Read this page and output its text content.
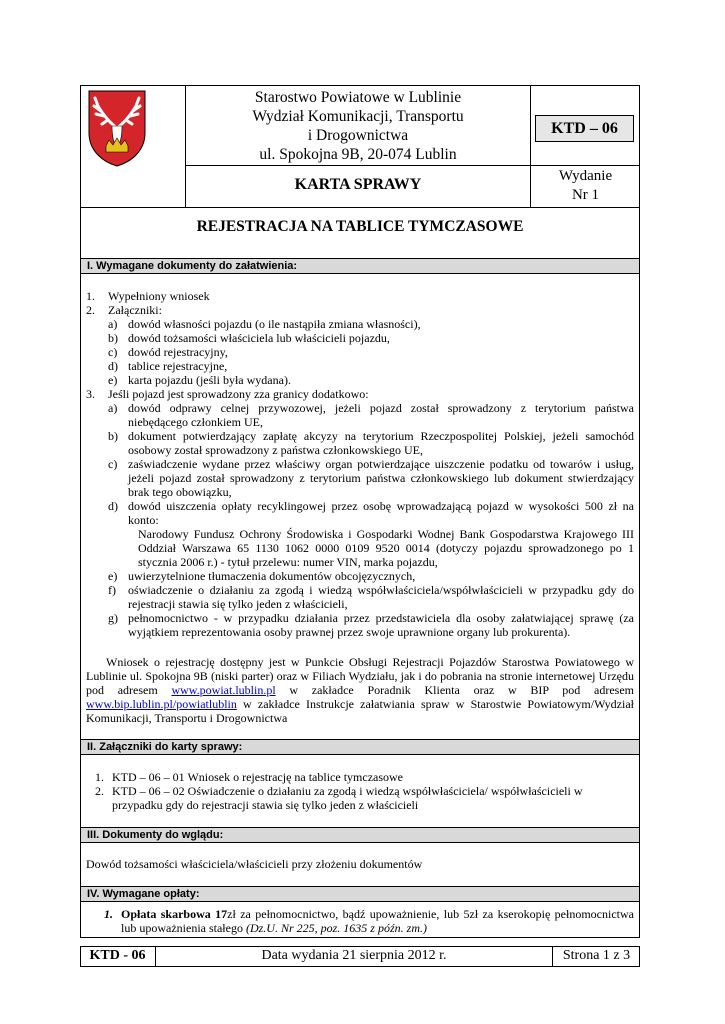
Starostwo Powiatowe w Lublinie
Wydział Komunikacji, Transportu
i Drogownictwa
ul. Spokojna 9B, 20-074 Lublin
KTD – 06
KARTA SPRAWY	Wydanie
Nr 1
REJESTRACJA NA TABLICE TYMCZASOWE
I. Wymagane dokumenty do załatwienia:
1.	Wypełniony wniosek
2.	Załączniki:
a) dowód własności pojazdu (o ile nastąpiła zmiana własności),
b) dowód tożsamości właściciela lub właścicieli pojazdu,
c) dowód rejestracyjny,
d) tablice rejestracyjne,
e) karta pojazdu (jeśli była wydana).
3.	Jeśli pojazd jest sprowadzony zza granicy dodatkowo:
a) dowód odprawy celnej przywozowej, jeżeli pojazd został sprowadzony z terytorium państwa niebędącego członkiem UE,
b) dokument potwierdzający zapłatę akcyzy na terytorium Rzeczpospolitej Polskiej, jeżeli samochód osobowy został sprowadzony z państwa członkowskiego UE,
c) zaświadczenie wydane przez właściwy organ potwierdzające uiszczenie podatku od towarów i usług, jeżeli pojazd został sprowadzony z terytorium państwa członkowskiego lub dokument stwierdzający brak tego obowiązku,
d) dowód uiszczenia opłaty recyklingowej przez osobę wprowadzającą pojazd w wysokości 500 zł na konto:
Narodowy Fundusz Ochrony Środowiska i Gospodarki Wodnej Bank Gospodarstwa Krajowego III Oddział Warszawa 65 1130 1062 0000 0109 9520 0014 (dotyczy pojazdu sprowadzonego po 1 stycznia 2006 r.) - tytuł przelewu: numer VIN, marka pojazdu,
e) uwierzytelnione tłumaczenia dokumentów obcojęzycznych,
f)	oświadczenie o działaniu za zgodą i wiedzą współwłaściciela/współwłaścicieli w przypadku gdy do rejestracji stawia się tylko jeden z właścicieli,
g) pełnomocnictwo - w przypadku działania przez przedstawiciela dla osoby załatwiającej sprawę (za wyjątkiem reprezentowania osoby prawnej przez swoje uprawnione organy lub prokurenta).
Wniosek o rejestrację dostępny jest w Punkcie Obsługi Rejestracji Pojazdów Starostwa Powiatowego w Lublinie ul. Spokojna 9B (niski parter) oraz w Filiach Wydziału, jak i do pobrania na stronie internetowej Urzędu pod adresem www.powiat.lublin.pl w zakładce Poradnik Klienta oraz w BIP pod adresem www.bip.lublin.pl/powiatlublin w zakładce Instrukcje załatwiania spraw w Starostwie Powiatowym/Wydział Komunikacji, Transportu i Drogownictwa
II. Załączniki do karty sprawy:
1. KTD – 06 – 01 Wniosek o rejestrację na tablice tymczasowe
2. KTD – 06 – 02 Oświadczenie o działaniu za zgodą i wiedzą współwłaściciela/ współwłaścicieli w przypadku gdy do rejestracji stawia się tylko jeden z właścicieli
III. Dokumenty do wglądu:
Dowód tożsamości właściciela/właścicieli przy złożeniu dokumentów
IV. Wymagane opłaty:
1. Opłata skarbowa 17zł za pełnomocnictwo, bądź upoważnienie, lub 5zł za kserokopię pełnomocnictwa lub upoważnienia stałego (Dz.U. Nr 225, poz. 1635 z późn. zm.)
KTD - 06	Data wydania 21 sierpnia 2012 r.	Strona 1 z 3
